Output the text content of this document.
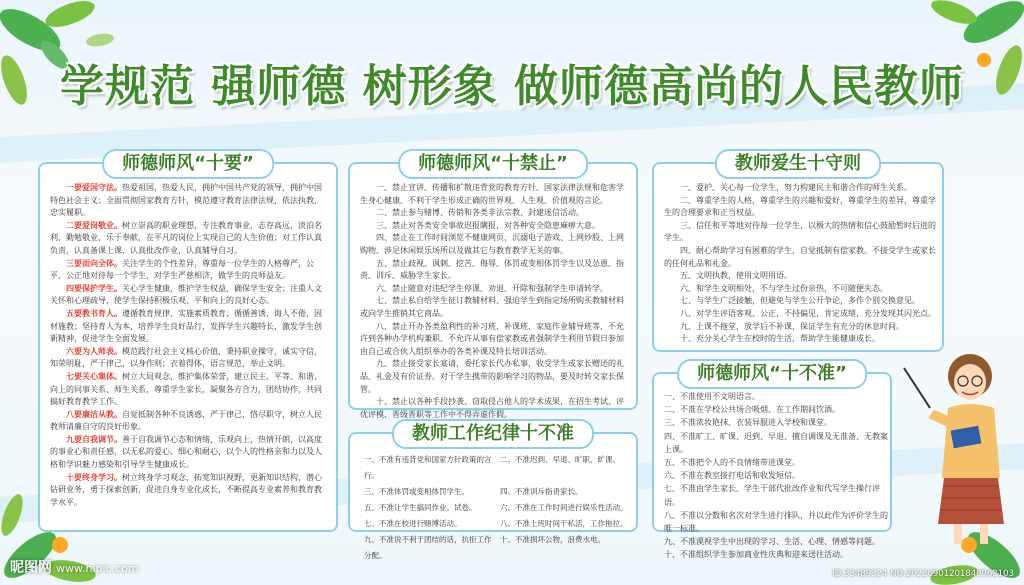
学规范 强师德 树形象 做师德高尚的人民教师
师德师风“十要”
一要爱国守法。热爱祖国，热爱人民，拥护中国共产党的领导，拥护中国特色社会主义；全面贯彻国家教育方针，模范遵守教育法律法规，依法执教，忠实履职。
二要爱岗敬业。树立崇高的职业理想，专注教育事业，志存高远，淡泊名利，勤勉敬业，乐于奉献，在平凡的岗位上实现自己的人生价值；对工作认真负责，认真备课上课，认真批改作业，认真辅导自习。
三要面向全体。关注学生的个性差异，尊重每一位学生的人格尊严，公平、公正地对待每一个学生，对学生严慈相济，做学生的良师益友。
四要保护学生。关心学生健康，维护学生权益，确保学生安全；注重人文关怀和心理疏导，使学生保持积极乐观、平和向上的良好心态。
五要教书育人。遵循教育规律，实施素质教育；循循善诱，诲人不倦，因材施教；坚持育人为本，培养学生良好品行，发挥学生兴趣特长，激发学生创新精神，促进学生全面发展。
六要为人师表。模范践行社会主义核心价值，秉持职业操守，诚实守信，知荣明耻，严于律己，以身作则；衣着得体，语言规范，举止文明。
七要关心集体。树立大局观念，维护集体荣誉，建立民主、平等、和谐、向上的同事关系、师生关系，尊重学生家长，凝聚各方合力，团结协作，共同搞好教育教学工作。
八要廉洁从教。自觉抵制各种不良诱惑，严于律己，恪尽职守，树立人民教师清廉自守的良好形象。
九要自我调节。善于自我调节心态和情绪，乐观向上，热情开朗，以高度的事业心和责任感，以无私的爱心、细心和耐心，以个人的性格亲和力以及人格和学识魅力感染和引导学生健康成长。
十要终身学习。树立终身学习观念，拓宽知识视野，更新知识结构，潜心钻研业务，勇于探索创新，促进自身专业化成长，不断提高专业素养和教育教学水平。
师德师风“十禁止”
一、禁止宣讲、传播和扩散违背党的教育方针、国家法律法规和危害学生身心健康、不利于学生形成正确的世界观、人生观、价值观的言论。
二、禁止参与赌博、传销和各类非法宗教、封建迷信活动。
三、禁止对各类安全事故迟报瞒报，对各种安全隐患麻痹大意。
四、禁止在工作时间浏览不健康网页、沉溺电子游戏、上网炒股、上网购物、涉足休闲娱乐场所以及做其它与教育教学无关的事。
五、禁止歧视、讽刺、挖苦、侮辱、体罚或变相体罚学生以及怂恿、指责、训斥、威胁学生家长。
六、禁止随意对违纪学生停课、劝退、开除和强制学生申请转学。
七、禁止私自给学生征订教辅材料、强迫学生到指定场所购买教辅材料或向学生推销其它商品。
八、禁止开办各类盈利性的补习班、补课班、家庭作业辅导班等，不允许到各种办学机构兼职、不允许从事有偿家教或者强制学生利用节假日参加由自己或合伙人组织举办的各类补课及特长培训活动。
九、禁止接受家长宴请，委托家长代办私事，收受学生或家长赠送的礼品、礼金及有价证券。对于学生携带的影响学习的物品，要及时转交家长保管。
十、禁止以各种手段抄袭、窃取侵占他人的学术成果，在招生考试、评优评模、晋级晋职等工作中不得弄虚作假。
教师工作纪律十不准
一、不准有违背党和国家方针政策的言行。
二、不准迟到、早退、旷职、旷课。
三、不准体罚或变相体罚学生。	四、不准训斥指责家长。
五、不准让学生搞同作业、试卷。	六、不准在工作时间进行娱乐性活动。
七、不准在校进行赌博活动。	八、不准上班时间干私活，工作拖拉。
九、不准说不利于团结的话，抗拒工作分配。
十、不准损坏公物，浪费水电。
教师爱生十守则
一、爱护、关心每一位学生，努力构建民主和谐合作的师生关系。
二、尊重学生的人格，尊重学生的兴趣和爱好，尊重学生的差异，尊重学生的合理要求和正当权益。
三、信任和平等地对待每一位学生，以极大的热情和信心鼓励暂时后进的学生。
四、耐心帮助学习有困难的学生，自觉抵制有偿家教。不接受学生或家长的任何礼品和礼金。
五、文明执教，使用文明用语。
六、和学生文明相处，不与学生过份亲热，不可随便失态。
七、与学生广泛接触，但避免与学生公开争论，多作个别交换意见。
八、对学生评语客观、公正，不持偏见，肯定成绩，充分发现其闪光点。
九、上课不拖堂，放学后不补课，保证学生有充分的休息时间。
十、充分关心学生在校时的生活，帮助学生能健康成长。
师德师风“十不准”
一、不准使用不文明语言。
二、不准在学校公共场合吸烟、在工作期间饮酒。
三、不准浓妆艳抹、衣装异服进入学校和课堂。
四、不准旷工、旷课、迟到、早退、擅自调课及无准备、无教案上课。
五、不准把个人的不良情绪带进课堂。
六、不准在教室接打电话和收发短信。
七、不准由学生家长、学生干部代批改作业和代写学生操行评语。
八、不准以分数和名次对学生进行排队，并以此作为评价学生的唯一标准。
九、不准漠视学生中出现的学习、生活、心理、情感等问题。
十、不准组织学生参加商业性庆典和迎来送往活动。
昵图网 www.nipic.com	ID:33489324 NO:20220901201840962103
